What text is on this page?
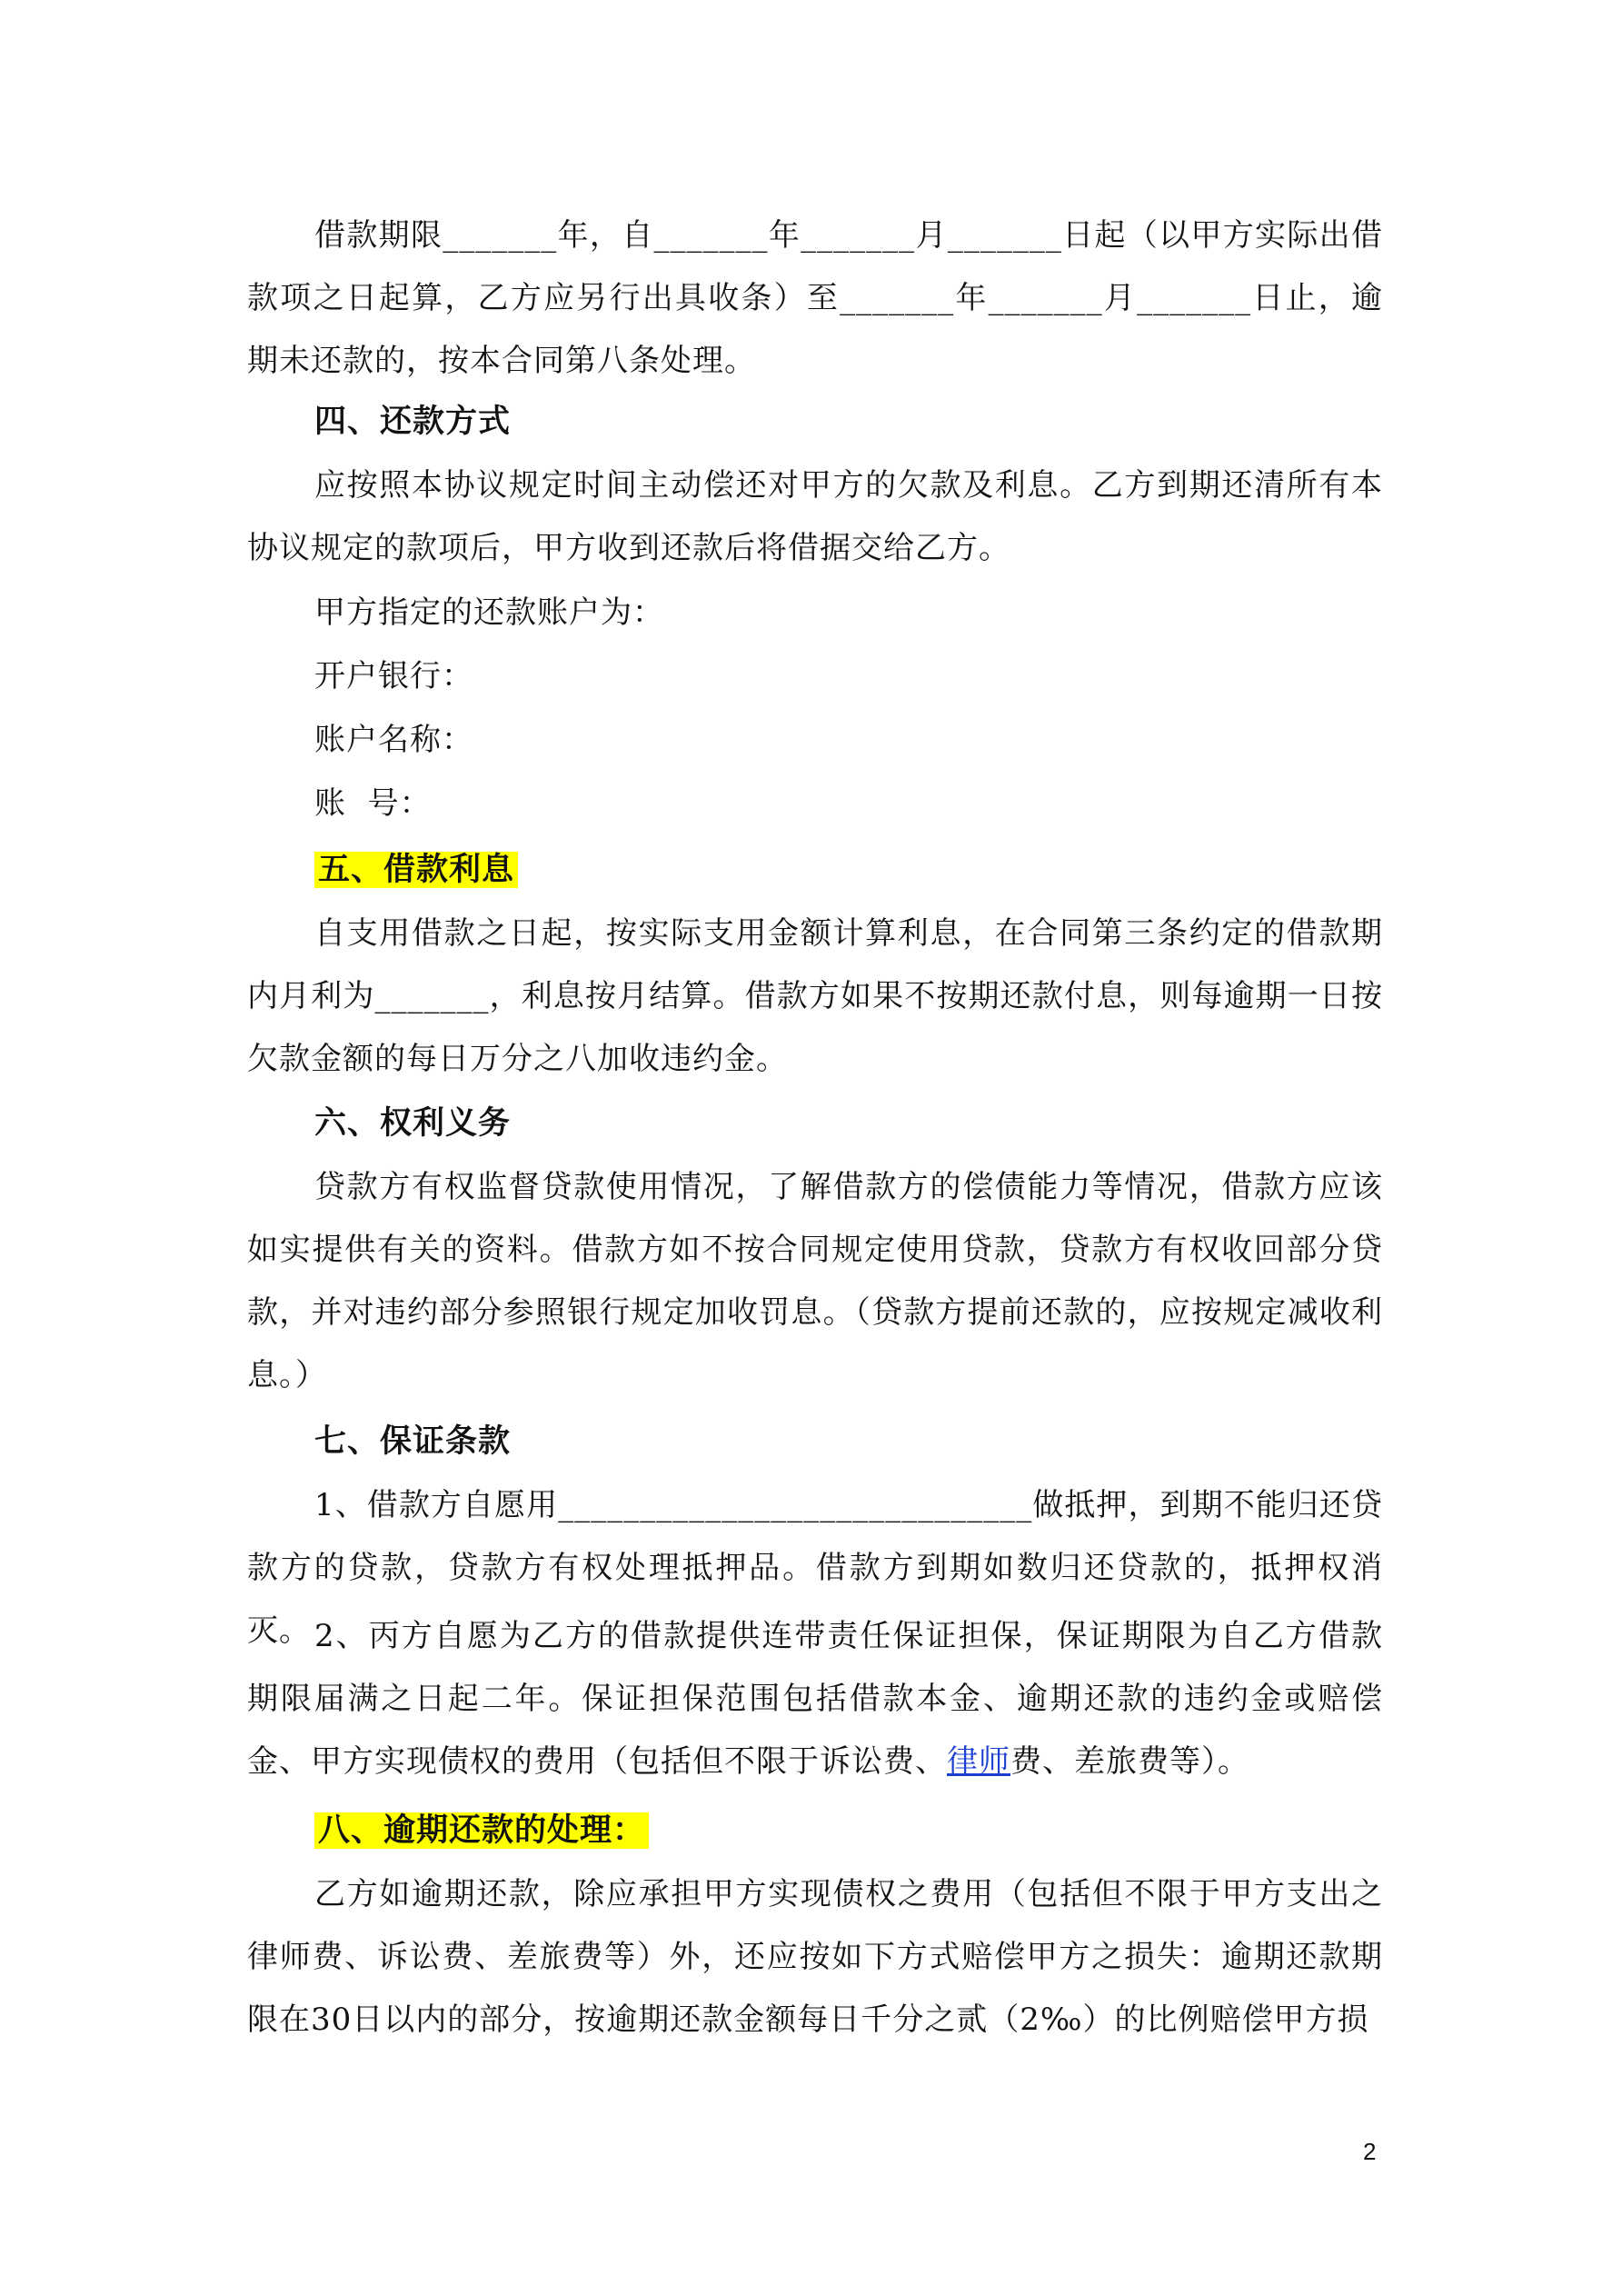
借款期限_______年，自_______年_______月_______日起（以甲方实际出借款项之日起算，乙方应另行出具收条）至_______年_______月_______日止，逾期未还款的，按本合同第八条处理。

四、还款方式

应按照本协议规定时间主动偿还对甲方的欠款及利息。乙方到期还清所有本协议规定的款项后，甲方收到还款后将借据交给乙方。

甲方指定的还款账户为：

开户银行：

账户名称：

账  号：

五、借款利息

自支用借款之日起，按实际支用金额计算利息，在合同第三条约定的借款期内月利为_______，利息按月结算。借款方如果不按期还款付息，则每逾期一日按欠款金额的每日万分之八加收违约金。

六、权利义务

贷款方有权监督贷款使用情况，了解借款方的偿债能力等情况，借款方应该如实提供有关的资料。借款方如不按合同规定使用贷款，贷款方有权收回部分贷款，并对违约部分参照银行规定加收罚息。（贷款方提前还款的，应按规定减收利息。）

七、保证条款

1、借款方自愿用_____________________________做抵押，到期不能归还贷款方的贷款，贷款方有权处理抵押品。借款方到期如数归还贷款的，抵押权消灭。 2、丙方自愿为乙方的借款提供连带责任保证担保，保证期限为自乙方借款期限届满之日起二年。保证担保范围包括借款本金、逾期还款的违约金或赔偿金、甲方实现债权的费用（包括但不限于诉讼费、律师费、差旅费等）。

八、逾期还款的处理：

乙方如逾期还款，除应承担甲方实现债权之费用（包括但不限于甲方支出之律师费、诉讼费、差旅费等）外，还应按如下方式赔偿甲方之损失：逾期还款期限在30日以内的部分，按逾期还款金额每日千分之贰（2‰）的比例赔偿甲方损

2
